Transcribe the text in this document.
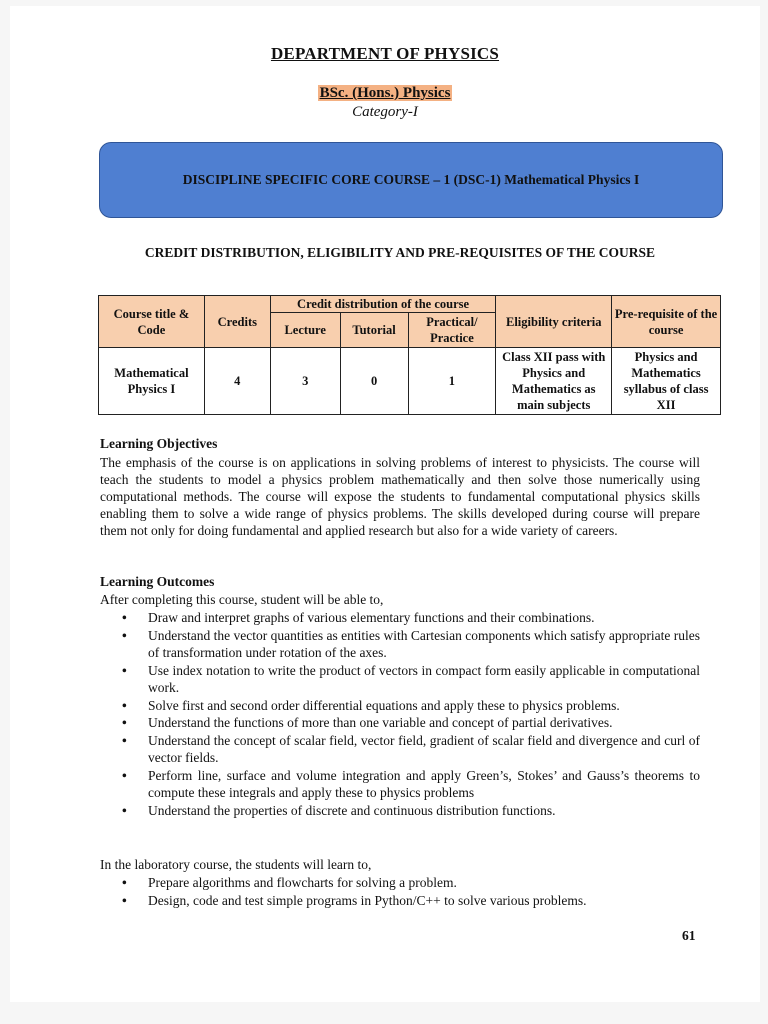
DEPARTMENT OF PHYSICS
BSc. (Hons.) Physics
Category-I
DISCIPLINE SPECIFIC CORE COURSE – 1 (DSC-1) Mathematical Physics I
CREDIT DISTRIBUTION, ELIGIBILITY AND PRE-REQUISITES OF THE COURSE
Course title & Code	Credits	Credit distribution of the course			Eligibility criteria	Pre-requisite of the course
		Lecture	Tutorial	Practical/ Practice		
Mathematical Physics I	4	3	0	1	Class XII pass with Physics and Mathematics as main subjects	Physics and Mathematics syllabus of class XII
Learning Objectives
The emphasis of the course is on applications in solving problems of interest to physicists. The course will teach the students to model a physics problem mathematically and then solve those numerically using computational methods. The course will expose the students to fundamental computational physics skills enabling them to solve a wide range of physics problems. The skills developed during course will prepare them not only for doing fundamental and applied research but also for a wide variety of careers.
Learning Outcomes
After completing this course, student will be able to,
• Draw and interpret graphs of various elementary functions and their combinations.
• Understand the vector quantities as entities with Cartesian components which satisfy appropriate rules of transformation under rotation of the axes.
• Use index notation to write the product of vectors in compact form easily applicable in computational work.
• Solve first and second order differential equations and apply these to physics problems.
• Understand the functions of more than one variable and concept of partial derivatives.
• Understand the concept of scalar field, vector field, gradient of scalar field and divergence and curl of vector fields.
• Perform line, surface and volume integration and apply Green’s, Stokes’ and Gauss’s theorems to compute these integrals and apply these to physics problems
• Understand the properties of discrete and continuous distribution functions.
In the laboratory course, the students will learn to,
• Prepare algorithms and flowcharts for solving a problem.
• Design, code and test simple programs in Python/C++ to solve various problems.
61
